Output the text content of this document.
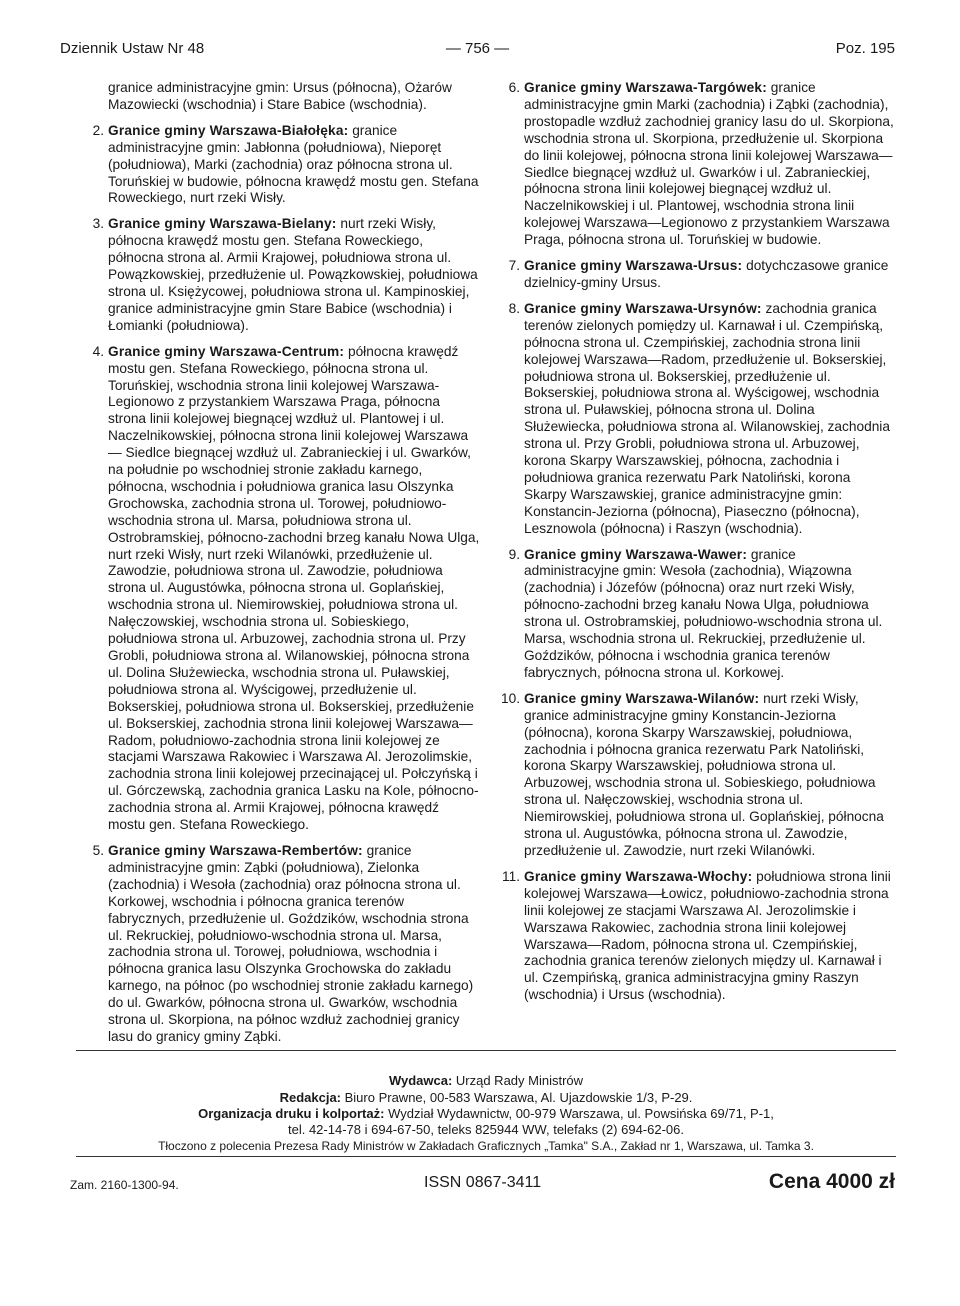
Dziennik Ustaw Nr 48	— 756 —	Poz. 195
granice administracyjne gmin: Ursus (północna), Ożarów Mazowiecki (wschodnia) i Stare Babice (wschodnia).
2. Granice gminy Warszawa-Białołęka: granice administracyjne gmin: Jabłonna (południowa), Nieporęt (południowa), Marki (zachodnia) oraz północna strona ul. Toruńskiej w budowie, północna krawędź mostu gen. Stefana Roweckiego, nurt rzeki Wisły.
3. Granice gminy Warszawa-Bielany: nurt rzeki Wisły, północna krawędź mostu gen. Stefana Roweckiego, północna strona al. Armii Krajowej, południowa strona ul. Powązkowskiej, przedłużenie ul. Powązkowskiej, południowa strona ul. Księżycowej, południowa strona ul. Kampinoskiej, granice administracyjne gmin Stare Babice (wschodnia) i Łomianki (południowa).
4. Granice gminy Warszawa-Centrum: północna krawędź mostu gen. Stefana Roweckiego, północna strona ul. Toruńskiej, wschodnia strona linii kolejowej Warszawa-Legionowo z przystankiem Warszawa Praga, północna strona linii kolejowej biegnącej wzdłuż ul. Plantowej i ul. Naczelnikowskiej, północna strona linii kolejowej Warszawa — Siedlce biegnącej wzdłuż ul. Zabranieckiej i ul. Gwarków, na południe po wschodniej stronie zakładu karnego, północna, wschodnia i południowa granica lasu Olszynka Grochowska, zachodnia strona ul. Torowej, południowo-wschodnia strona ul. Marsa, południowa strona ul. Ostrobramskiej, północno-zachodni brzeg kanału Nowa Ulga, nurt rzeki Wisły, nurt rzeki Wilanówki, przedłużenie ul. Zawodzie, południowa strona ul. Zawodzie, południowa strona ul. Augustówka, północna strona ul. Goplańskiej, wschodnia strona ul. Niemirowskiej, południowa strona ul. Nałęczowskiej, wschodnia strona ul. Sobieskiego, południowa strona ul. Arbuzowej, zachodnia strona ul. Przy Grobli, południowa strona al. Wilanowskiej, północna strona ul. Dolina Służewiecka, wschodnia strona ul. Puławskiej, południowa strona al. Wyścigowej, przedłużenie ul. Bokserskiej, południowa strona ul. Bokserskiej, przedłużenie ul. Bokserskiej, zachodnia strona linii kolejowej Warszawa—Radom, południowo-zachodnia strona linii kolejowej ze stacjami Warszawa Rakowiec i Warszawa Al. Jerozolimskie, zachodnia strona linii kolejowej przecinającej ul. Połczyńską i ul. Górczewską, zachodnia granica Lasku na Kole, północno-zachodnia strona al. Armii Krajowej, północna krawędź mostu gen. Stefana Roweckiego.
5. Granice gminy Warszawa-Rembertów: granice administracyjne gmin: Ząbki (południowa), Zielonka (zachodnia) i Wesoła (zachodnia) oraz północna strona ul. Korkowej, wschodnia i północna granica terenów fabrycznych, przedłużenie ul. Goździków, wschodnia strona ul. Rekruckiej, południowo-wschodnia strona ul. Marsa, zachodnia strona ul. Torowej, południowa, wschodnia i północna granica lasu Olszynka Grochowska do zakładu karnego, na północ (po wschodniej stronie zakładu karnego) do ul. Gwarków, północna strona ul. Gwarków, wschodnia strona ul. Skorpiona, na północ wzdłuż zachodniej granicy lasu do granicy gminy Ząbki.
6. Granice gminy Warszawa-Targówek: granice administracyjne gmin Marki (zachodnia) i Ząbki (zachodnia), prostopadle wzdłuż zachodniej granicy lasu do ul. Skorpiona, wschodnia strona ul. Skorpiona, przedłużenie ul. Skorpiona do linii kolejowej, północna strona linii kolejowej Warszawa—Siedlce biegnącej wzdłuż ul. Gwarków i ul. Zabranieckiej, północna strona linii kolejowej biegnącej wzdłuż ul. Naczelnikowskiej i ul. Plantowej, wschodnia strona linii kolejowej Warszawa—Legionowo z przystankiem Warszawa Praga, północna strona ul. Toruńskiej w budowie.
7. Granice gminy Warszawa-Ursus: dotychczasowe granice dzielnicy-gminy Ursus.
8. Granice gminy Warszawa-Ursynów: zachodnia granica terenów zielonych pomiędzy ul. Karnawał i ul. Czempińską, północna strona ul. Czempińskiej, zachodnia strona linii kolejowej Warszawa—Radom, przedłużenie ul. Bokserskiej, południowa strona ul. Bokserskiej, przedłużenie ul. Bokserskiej, południowa strona al. Wyścigowej, wschodnia strona ul. Puławskiej, północna strona ul. Dolina Służewiecka, południowa strona al. Wilanowskiej, zachodnia strona ul. Przy Grobli, południowa strona ul. Arbuzowej, korona Skarpy Warszawskiej, północna, zachodnia i południowa granica rezerwatu Park Natoliński, korona Skarpy Warszawskiej, granice administracyjne gmin: Konstancin-Jeziorna (północna), Piaseczno (północna), Lesznowola (północna) i Raszyn (wschodnia).
9. Granice gminy Warszawa-Wawer: granice administracyjne gmin: Wesoła (zachodnia), Wiązowna (zachodnia) i Józefów (północna) oraz nurt rzeki Wisły, północno-zachodni brzeg kanału Nowa Ulga, południowa strona ul. Ostrobramskiej, południowo-wschodnia strona ul. Marsa, wschodnia strona ul. Rekruckiej, przedłużenie ul. Goździków, północna i wschodnia granica terenów fabrycznych, północna strona ul. Korkowej.
10. Granice gminy Warszawa-Wilanów: nurt rzeki Wisły, granice administracyjne gminy Konstancin-Jeziorna (północna), korona Skarpy Warszawskiej, południowa, zachodnia i północna granica rezerwatu Park Natoliński, korona Skarpy Warszawskiej, południowa strona ul. Arbuzowej, wschodnia strona ul. Sobieskiego, południowa strona ul. Nałęczowskiej, wschodnia strona ul. Niemirowskiej, południowa strona ul. Goplańskiej, północna strona ul. Augustówka, północna strona ul. Zawodzie, przedłużenie ul. Zawodzie, nurt rzeki Wilanówki.
11. Granice gminy Warszawa-Włochy: południowa strona linii kolejowej Warszawa—Łowicz, południowo-zachodnia strona linii kolejowej ze stacjami Warszawa Al. Jerozolimskie i Warszawa Rakowiec, zachodnia strona linii kolejowej Warszawa—Radom, północna strona ul. Czempińskiej, zachodnia granica terenów zielonych między ul. Karnawał i ul. Czempińską, granica administracyjna gminy Raszyn (wschodnia) i Ursus (wschodnia).
Wydawca: Urząd Rady Ministrów
Redakcja: Biuro Prawne, 00-583 Warszawa, Al. Ujazdowskie 1/3, P-29.
Organizacja druku i kolportaż: Wydział Wydawnictw, 00-979 Warszawa, ul. Powsińska 69/71, P-1,
tel. 42-14-78 i 694-67-50, teleks 825944 WW, telefaks (2) 694-62-06.
Tłoczono z polecenia Prezesa Rady Ministrów w Zakładach Graficznych „Tamka" S.A., Zakład nr 1, Warszawa, ul. Tamka 3.
Zam. 2160-1300-94.	ISSN 0867-3411	Cena 4000 zł
